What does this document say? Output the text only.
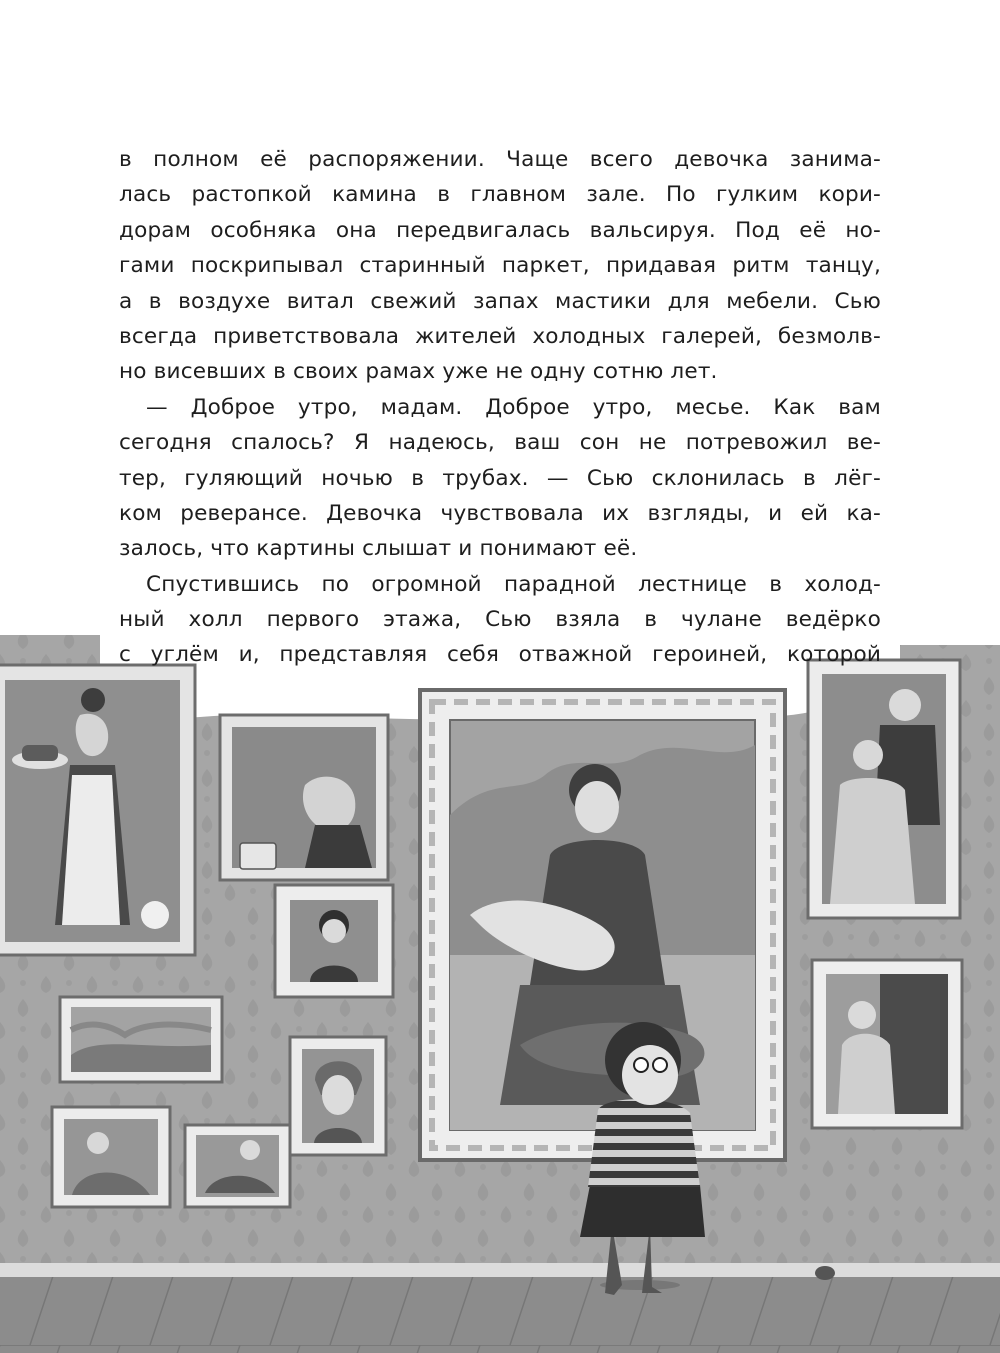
в полном её распоряжении. Чаще всего девочка занима-
лась растопкой камина в главном зале. По гулким кори-
дорам особняка она передвигалась вальсируя. Под её но-
гами поскрипывал старинный паркет, придавая ритм танцу,
а в воздухе витал свежий запах мастики для мебели. Сью
всегда приветствовала жителей холодных галерей, безмолв-
но висевших в своих рамах уже не одну сотню лет.
— Доброе утро, мадам. Доброе утро, месье. Как вам
сегодня спалось? Я надеюсь, ваш сон не потревожил ве-
тер, гуляющий ночью в трубах. — Сью склонилась в лёг-
ком реверансе. Девочка чувствовала их взгляды, и ей ка-
залось, что картины слышат и понимают её.
Спустившись по огромной парадной лестнице в холод-
ный холл первого этажа, Сью взяла в чулане ведёрко
с углём и, представляя себя отважной героиней, которой
